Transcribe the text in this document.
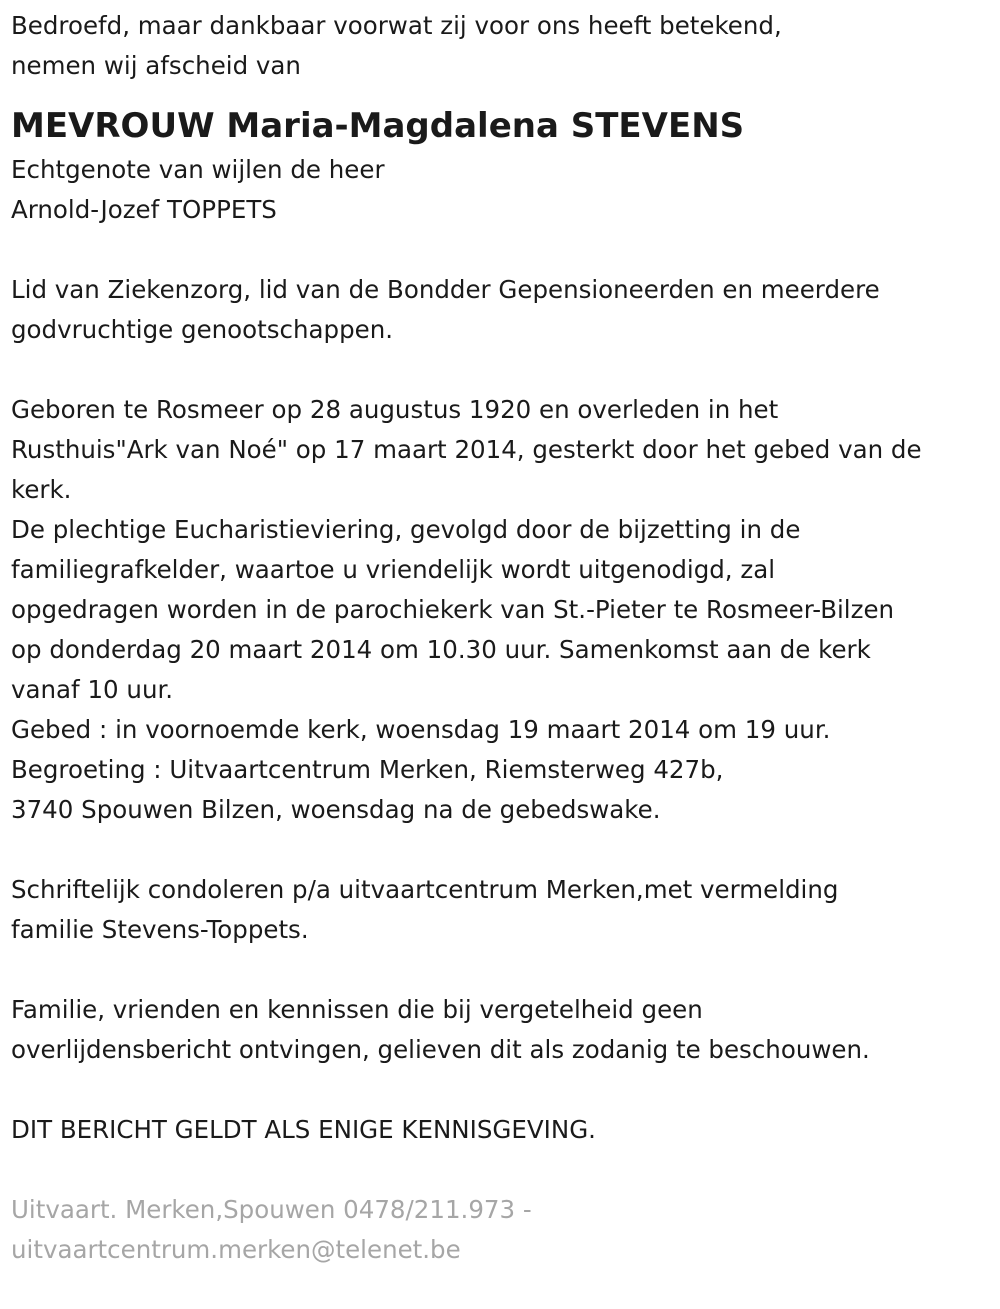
Bedroefd, maar dankbaar voorwat zij voor ons heeft betekend,
nemen wij afscheid van
MEVROUW Maria-Magdalena STEVENS
Echtgenote van wijlen de heer
Arnold-Jozef TOPPETS
Lid van Ziekenzorg, lid van de Bondder Gepensioneerden en meerdere
godvruchtige genootschappen.
Geboren te Rosmeer op 28 augustus 1920 en overleden in het
Rusthuis"Ark van Noé" op 17 maart 2014, gesterkt door het gebed van de
kerk.
De plechtige Eucharistieviering, gevolgd door de bijzetting in de
familiegrafkelder, waartoe u vriendelijk wordt uitgenodigd, zal
opgedragen worden in de parochiekerk van St.-Pieter te Rosmeer-Bilzen
op donderdag 20 maart 2014 om 10.30 uur. Samenkomst aan de kerk
vanaf 10 uur.
Gebed : in voornoemde kerk, woensdag 19 maart 2014 om 19 uur.
Begroeting : Uitvaartcentrum Merken, Riemsterweg 427b,
3740 Spouwen Bilzen, woensdag na de gebedswake.
Schriftelijk condoleren p/a uitvaartcentrum Merken,met vermelding
familie Stevens-Toppets.
Familie, vrienden en kennissen die bij vergetelheid geen
overlijdensbericht ontvingen, gelieven dit als zodanig te beschouwen.
DIT BERICHT GELDT ALS ENIGE KENNISGEVING.
Uitvaart. Merken,Spouwen 0478/211.973 -
uitvaartcentrum.merken@telenet.be
